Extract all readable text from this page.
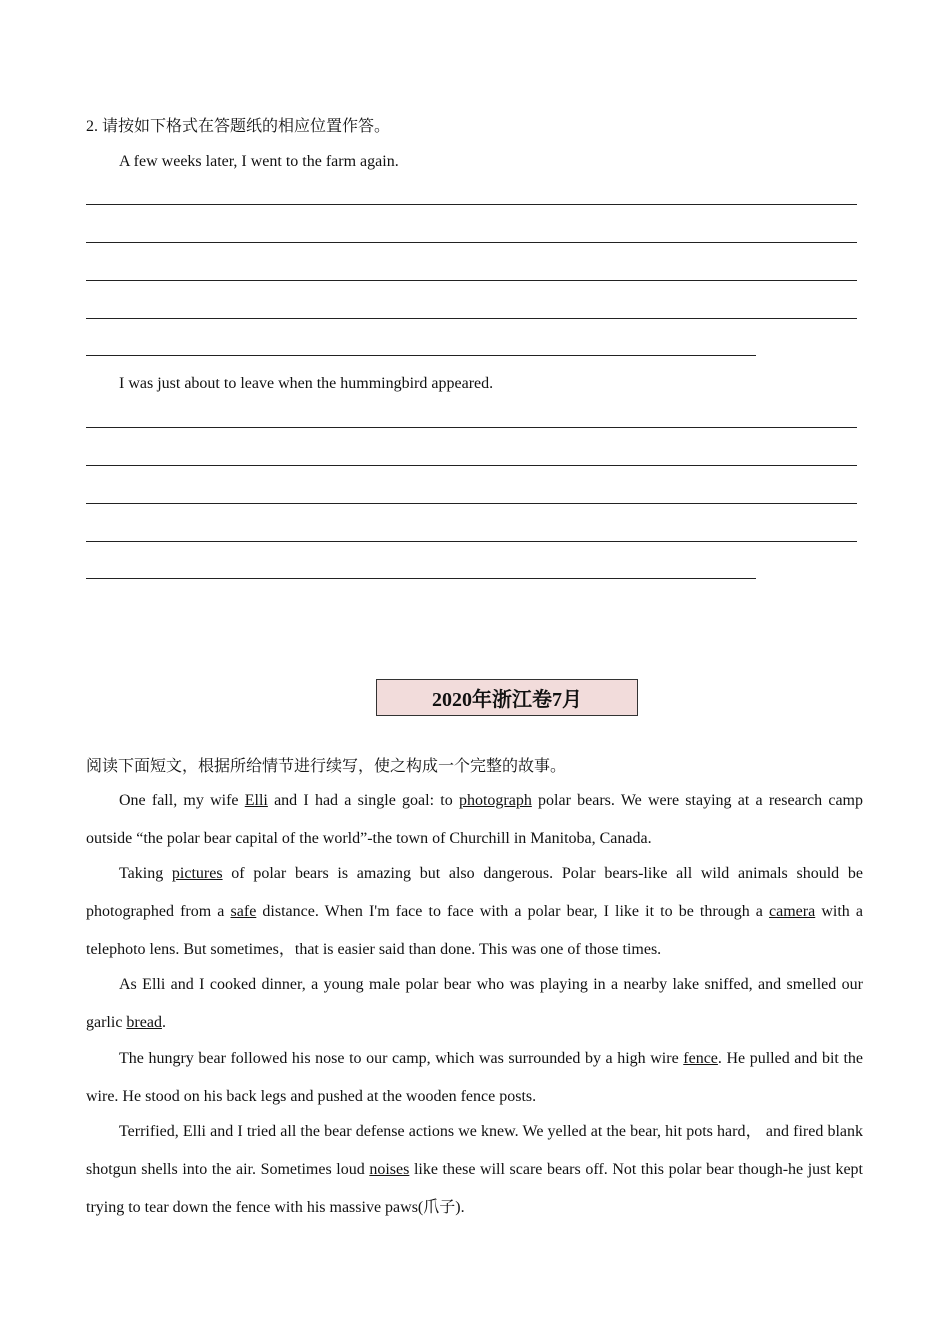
2. 请按如下格式在答题纸的相应位置作答。
A few weeks later, I went to the farm again.
I was just about to leave when the hummingbird appeared.
2020年浙江卷7月
阅读下面短文，根据所给情节进行续写，使之构成一个完整的故事。
One fall, my wife Elli and I had a single goal: to photograph polar bears. We were staying at a research camp outside “the polar bear capital of the world”-the town of Churchill in Manitoba, Canada.
Taking pictures of polar bears is amazing but also dangerous. Polar bears-like all wild animals should be photographed from a safe distance. When I'm face to face with a polar bear, I like it to be through a camera with a telephoto lens. But sometimes，that is easier said than done. This was one of those times.
As Elli and I cooked dinner, a young male polar bear who was playing in a nearby lake sniffed, and smelled our garlic bread.
The hungry bear followed his nose to our camp, which was surrounded by a high wire fence. He pulled and bit the wire. He stood on his back legs and pushed at the wooden fence posts.
Terrified, Elli and I tried all the bear defense actions we knew. We yelled at the bear, hit pots hard， and fired blank shotgun shells into the air. Sometimes loud noises like these will scare bears off. Not this polar bear though-he just kept trying to tear down the fence with his massive paws(爪子).
